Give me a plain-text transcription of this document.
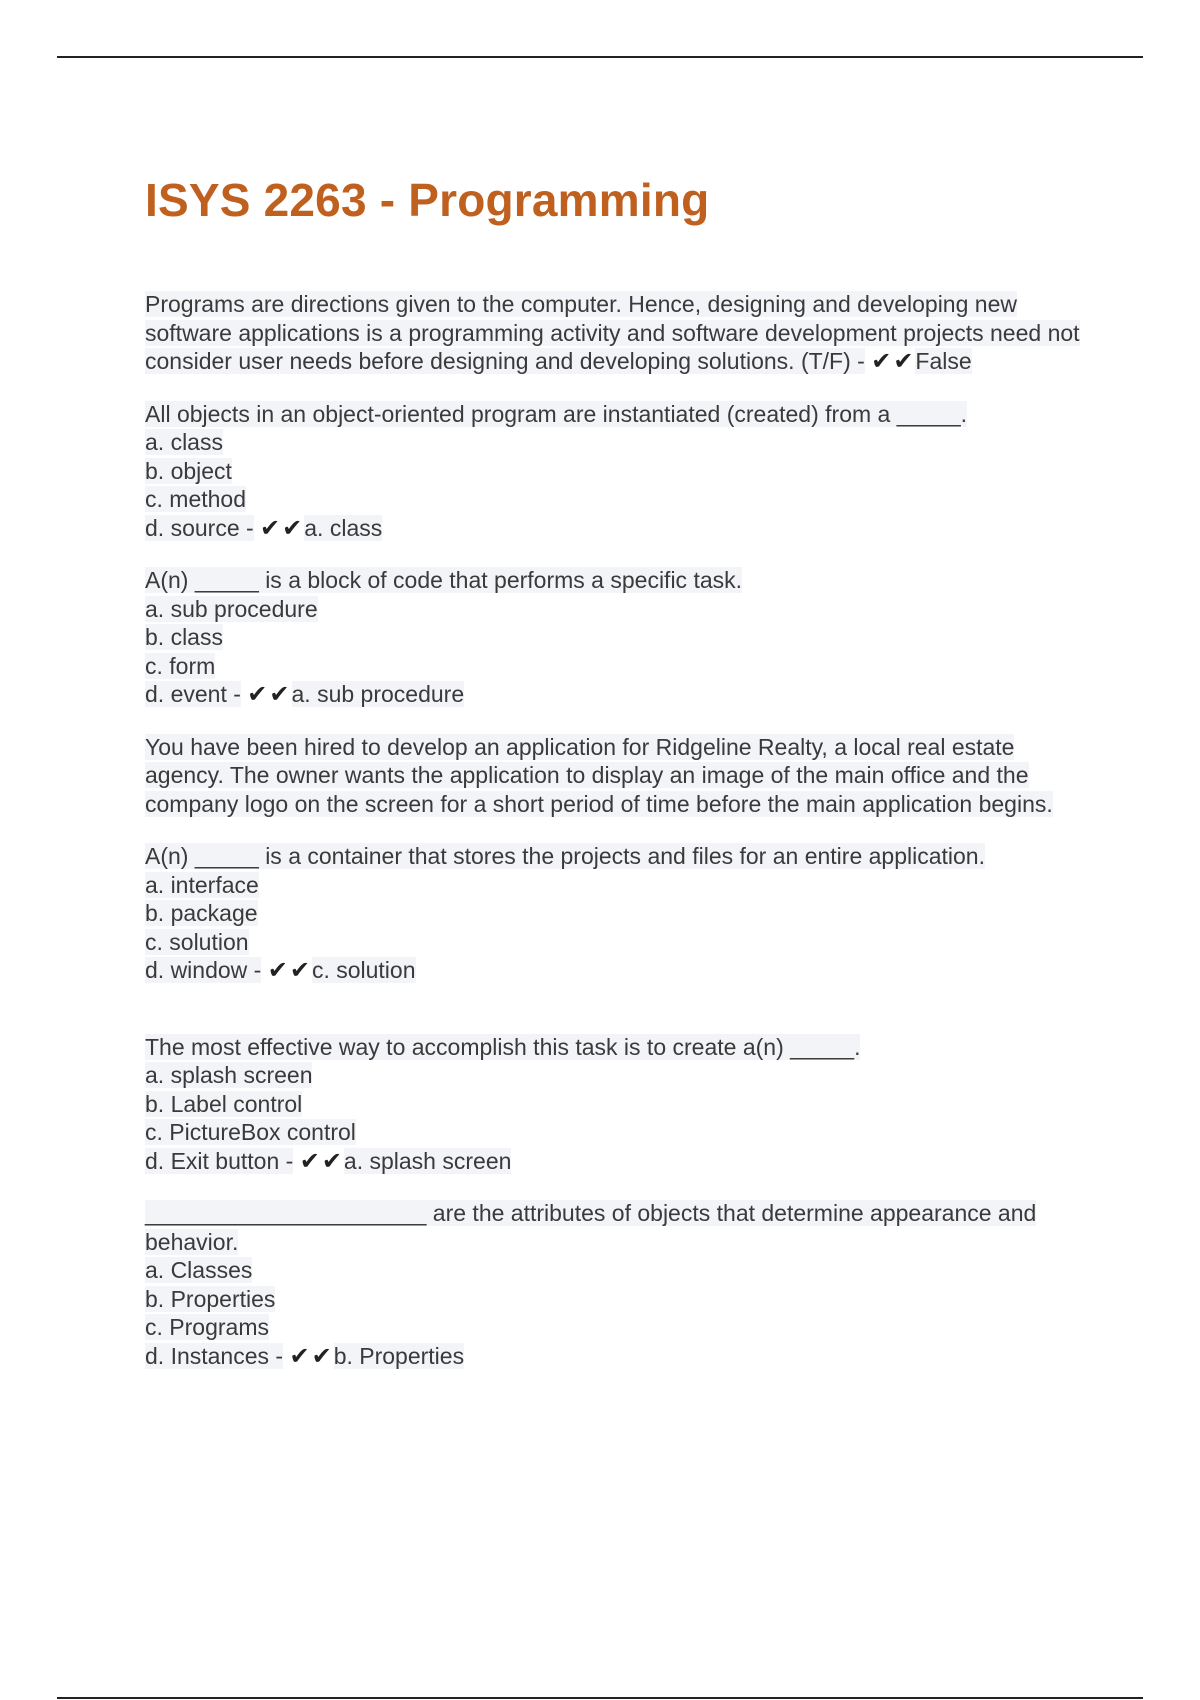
ISYS 2263 - Programming
Programs are directions given to the computer. Hence, designing and developing new software applications is a programming activity and software development projects need not consider user needs before designing and developing solutions. (T/F) - ✔✔False
All objects in an object-oriented program are instantiated (created) from a _____.
a. class
b. object
c. method
d. source - ✔✔a. class
A(n) _____ is a block of code that performs a specific task.
a. sub procedure
b. class
c. form
d. event - ✔✔a. sub procedure
You have been hired to develop an application for Ridgeline Realty, a local real estate agency. The owner wants the application to display an image of the main office and the company logo on the screen for a short period of time before the main application begins.
A(n) _____ is a container that stores the projects and files for an entire application.
a. interface
b. package
c. solution
d. window - ✔✔c. solution
The most effective way to accomplish this task is to create a(n) _____.
a. splash screen
b. Label control
c. PictureBox control
d. Exit button - ✔✔a. splash screen
______________________ are the attributes of objects that determine appearance and behavior.
a. Classes
b. Properties
c. Programs
d. Instances - ✔✔b. Properties
